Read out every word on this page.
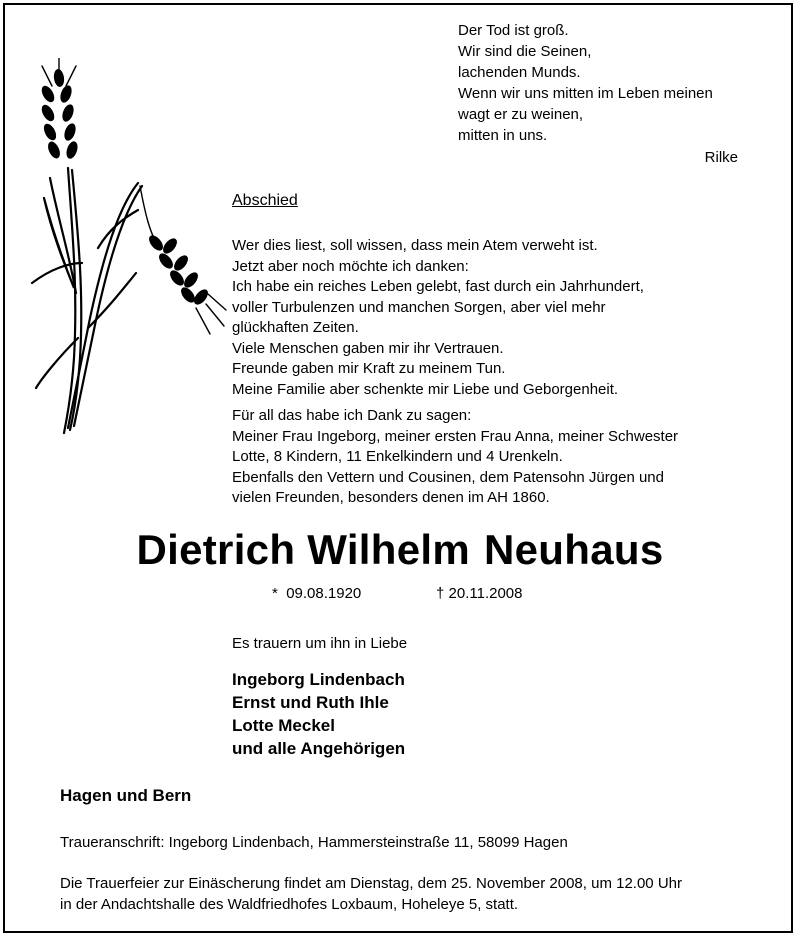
Der Tod ist groß.
Wir sind die Seinen,
lachenden Munds.
Wenn wir uns mitten im Leben meinen
wagt er zu weinen,
mitten in uns.
Rilke
Abschied
Wer dies liest, soll wissen, dass mein Atem verweht ist.
Jetzt aber noch möchte ich danken:
Ich habe ein reiches Leben gelebt, fast durch ein Jahrhundert,
voller Turbulenzen und manchen Sorgen, aber viel mehr
glückhaften Zeiten.
Viele Menschen gaben mir ihr Vertrauen.
Freunde gaben mir Kraft zu meinem Tun.
Meine Familie aber schenkte mir Liebe und Geborgenheit.
Für all das habe ich Dank zu sagen:
Meiner Frau Ingeborg, meiner ersten Frau Anna, meiner Schwester
Lotte, 8 Kindern, 11 Enkelkindern und 4 Urenkeln.
Ebenfalls den Vettern und Cousinen, dem Patensohn Jürgen und
vielen Freunden, besonders denen im AH 1860.
Dietrich Wilhelm Neuhaus
* 09.08.1920	† 20.11.2008
Es trauern um ihn in Liebe
Ingeborg Lindenbach
Ernst und Ruth Ihle
Lotte Meckel
und alle Angehörigen
Hagen und Bern
Traueranschrift: Ingeborg Lindenbach, Hammersteinstraße 11, 58099 Hagen
Die Trauerfeier zur Einäscherung findet am Dienstag, dem 25. November 2008, um 12.00 Uhr
in der Andachtshalle des Waldfriedhofes Loxbaum, Hoheleye 5, statt.
